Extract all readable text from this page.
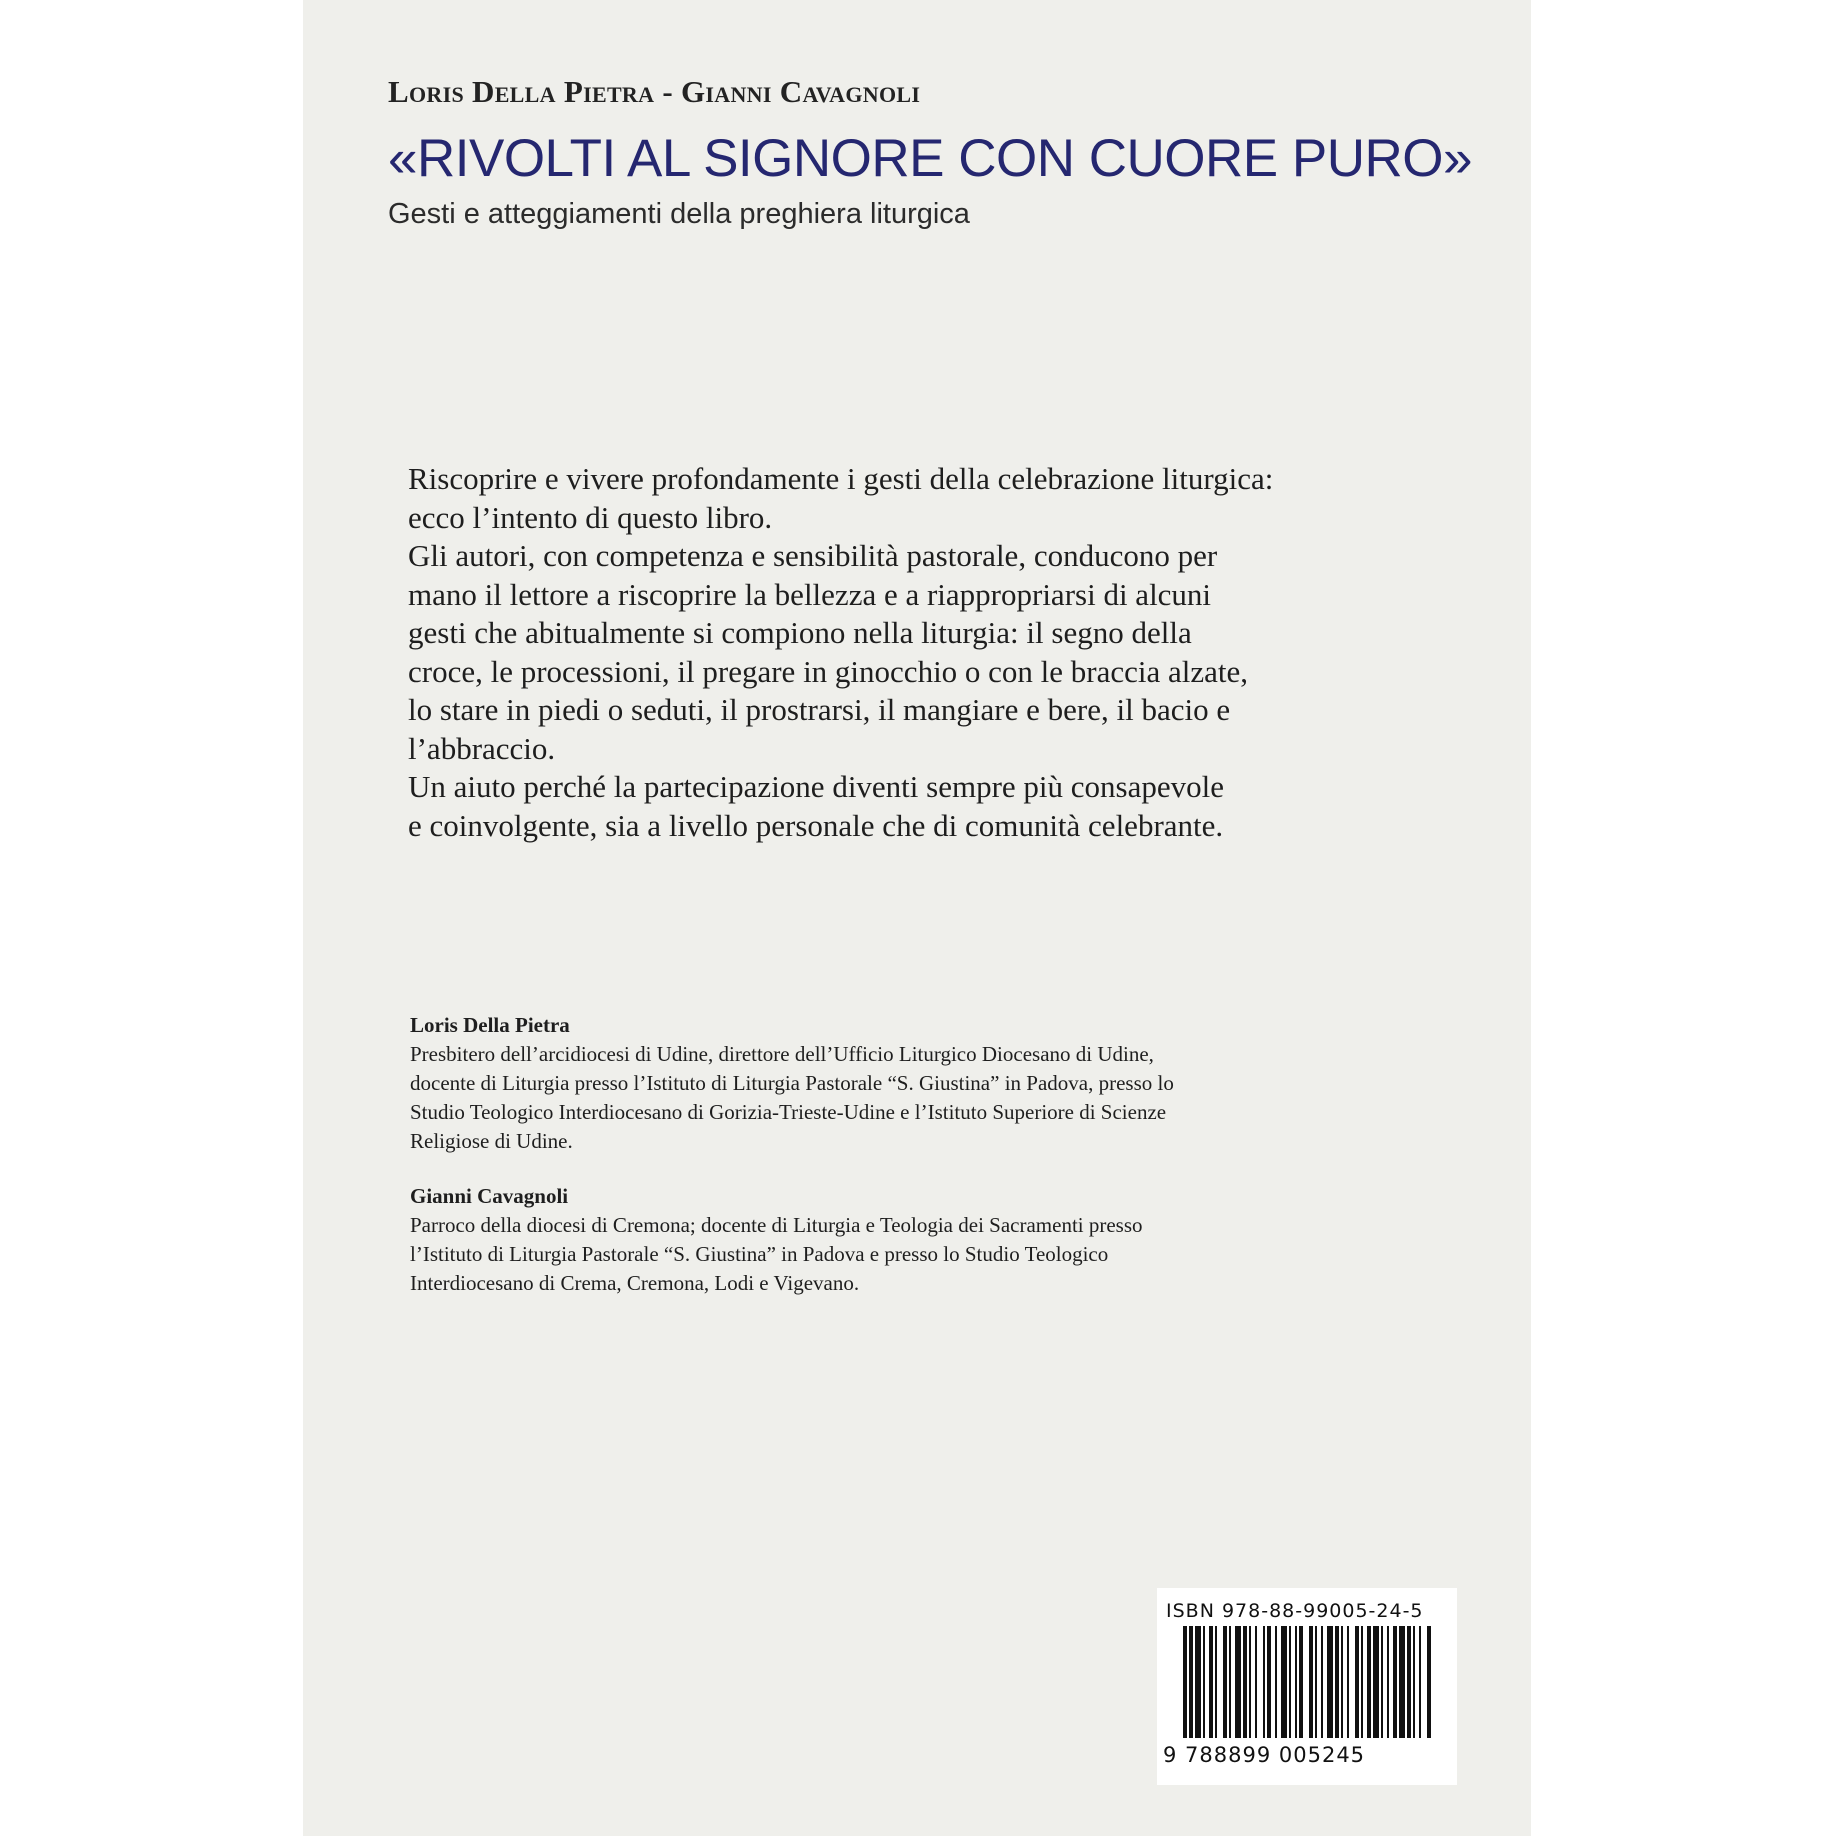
Loris Della Pietra - Gianni Cavagnoli
«RIVOLTI AL SIGNORE CON CUORE PURO»
Gesti e atteggiamenti della preghiera liturgica
Riscoprire e vivere profondamente i gesti della celebrazione liturgica:
ecco l’intento di questo libro.
Gli autori, con competenza e sensibilità pastorale, conducono per
mano il lettore a riscoprire la bellezza e a riappropriarsi di alcuni
gesti che abitualmente si compiono nella liturgia: il segno della
croce, le processioni, il pregare in ginocchio o con le braccia alzate,
lo stare in piedi o seduti, il prostrarsi, il mangiare e bere, il bacio e
l’abbraccio.
Un aiuto perché la partecipazione diventi sempre più consapevole
e coinvolgente, sia a livello personale che di comunità celebrante.
Loris Della Pietra
Presbitero dell’arcidiocesi di Udine, direttore dell’Ufficio Liturgico Diocesano di Udine,
docente di Liturgia presso l’Istituto di Liturgia Pastorale “S. Giustina” in Padova, presso lo
Studio Teologico Interdiocesano di Gorizia-Trieste-Udine e l’Istituto Superiore di Scienze
Religiose di Udine.
Gianni Cavagnoli
Parroco della diocesi di Cremona; docente di Liturgia e Teologia dei Sacramenti presso
l’Istituto di Liturgia Pastorale “S. Giustina” in Padova e presso lo Studio Teologico
Interdiocesano di Crema, Cremona, Lodi e Vigevano.
ISBN 978-88-99005-24-5
9 788899 005245
